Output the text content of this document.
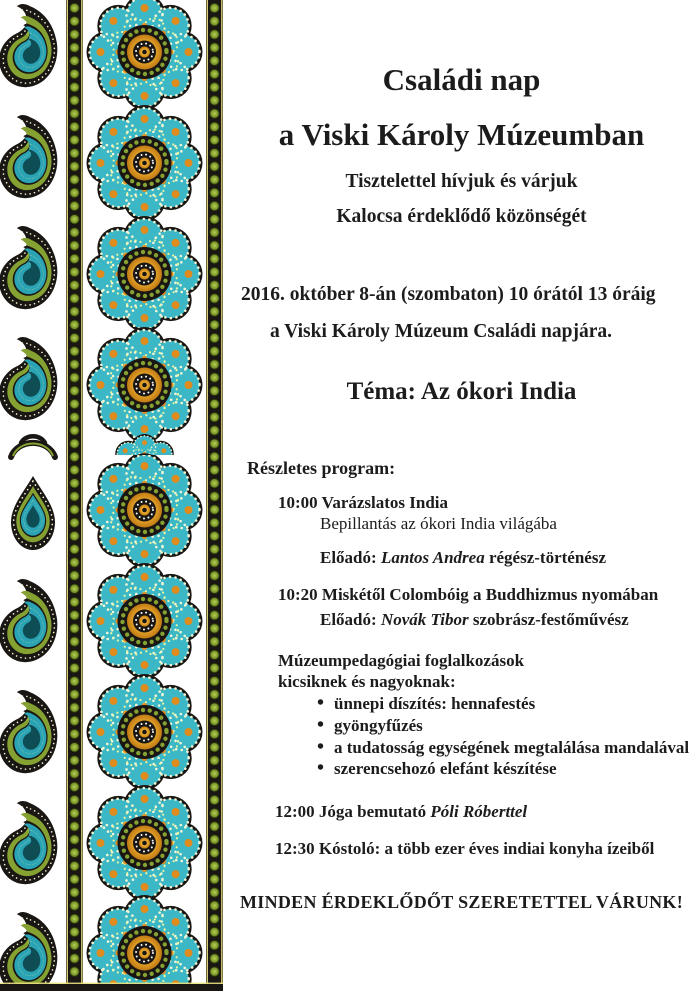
Családi nap
a Viski Károly Múzeumban
Tisztelettel hívjuk és várjuk
Kalocsa érdeklődő közönségét
2016. október 8-án (szombaton) 10 órától 13 óráig
a Viski Károly Múzeum Családi napjára.
Téma: Az ókori India
Részletes program:
10:00 Varázslatos India
Bepillantás az ókori India világába
Előadó: Lantos Andrea régész-történész
10:20 Miskétől Colombóig a Buddhizmus nyomában
Előadó: Novák Tibor szobrász-festőművész
Múzeumpedagógiai foglalkozások
kicsiknek és nagyoknak:
• ünnepi díszítés: hennafestés
• gyöngyfűzés
• a tudatosság egységének megtalálása mandalával
• szerencsehozó elefánt készítése
12:00 Jóga bemutató Póli Róberttel
12:30 Kóstoló: a több ezer éves indiai konyha ízeiből
MINDEN ÉRDEKLŐDŐT SZERETETTEL VÁRUNK!
